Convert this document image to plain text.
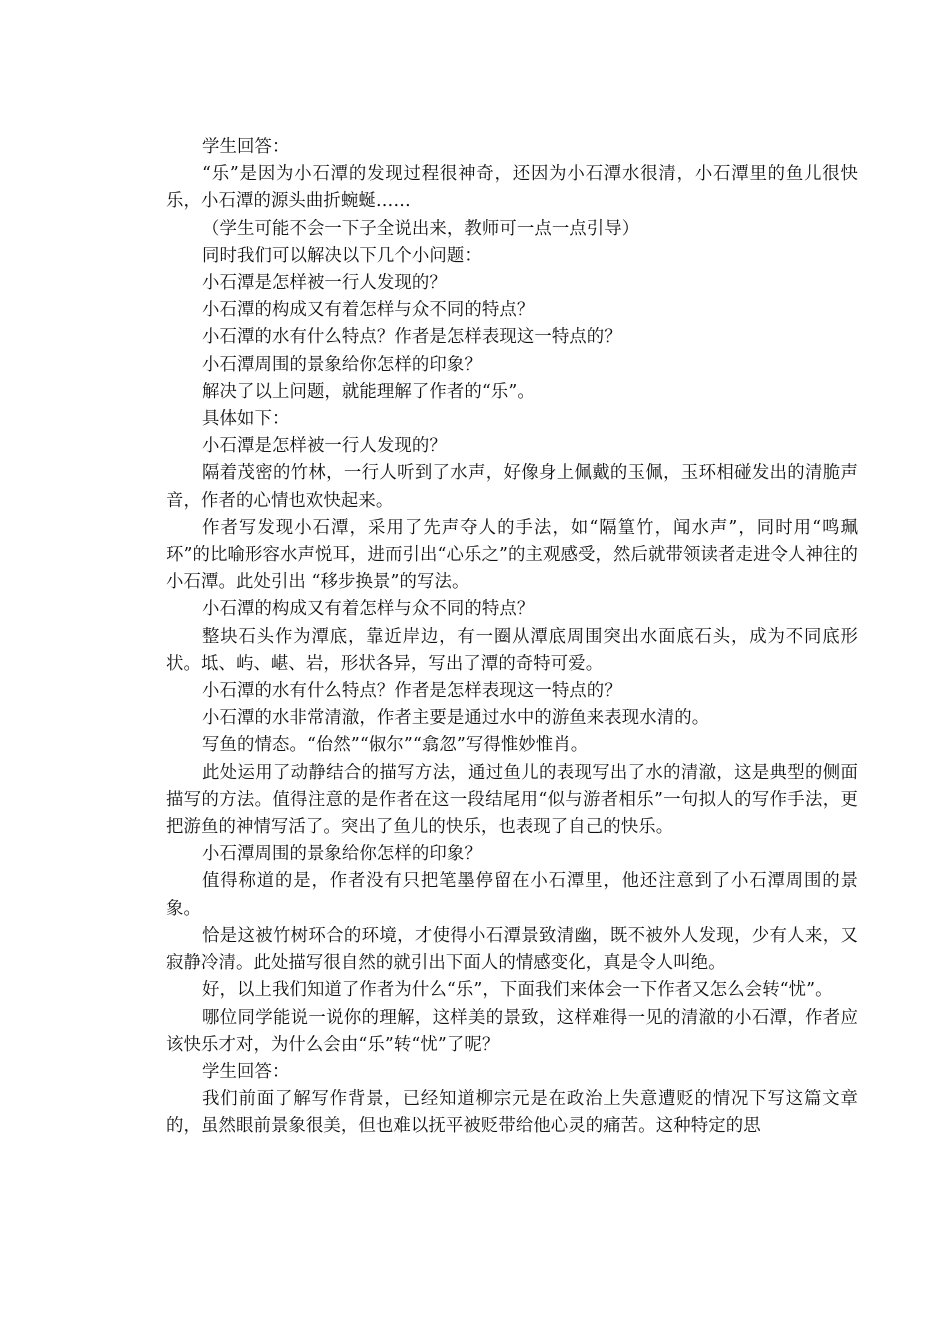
学生回答：

“乐”是因为小石潭的发现过程很神奇，还因为小石潭水很清，小石潭里的鱼儿很快乐，小石潭的源头曲折蜿蜒……

（学生可能不会一下子全说出来，教师可一点一点引导）

同时我们可以解决以下几个小问题：

小石潭是怎样被一行人发现的？

小石潭的构成又有着怎样与众不同的特点？

小石潭的水有什么特点？作者是怎样表现这一特点的？

小石潭周围的景象给你怎样的印象？

解决了以上问题，就能理解了作者的“乐”。

具体如下：

小石潭是怎样被一行人发现的？

隔着茂密的竹林，一行人听到了水声，好像身上佩戴的玉佩，玉环相碰发出的清脆声音，作者的心情也欢快起来。

作者写发现小石潭，采用了先声夺人的手法，如“隔篁竹，闻水声”，同时用“鸣珮环”的比喻形容水声悦耳，进而引出“心乐之”的主观感受，然后就带领读者走进令人神往的小石潭。此处引出 “移步换景”的写法。

小石潭的构成又有着怎样与众不同的特点？

整块石头作为潭底，靠近岸边，有一圈从潭底周围突出水面底石头，成为不同底形状。坻、屿、嵁、岩，形状各异，写出了潭的奇特可爱。

小石潭的水有什么特点？作者是怎样表现这一特点的？

小石潭的水非常清澈，作者主要是通过水中的游鱼来表现水清的。

写鱼的情态。“佁然”“俶尔”“翕忽”写得惟妙惟肖。

此处运用了动静结合的描写方法，通过鱼儿的表现写出了水的清澈，这是典型的侧面描写的方法。值得注意的是作者在这一段结尾用“似与游者相乐”一句拟人的写作手法，更把游鱼的神情写活了。突出了鱼儿的快乐，也表现了自己的快乐。

小石潭周围的景象给你怎样的印象？

值得称道的是，作者没有只把笔墨停留在小石潭里，他还注意到了小石潭周围的景象。

恰是这被竹树环合的环境，才使得小石潭景致清幽，既不被外人发现，少有人来，又寂静冷清。此处描写很自然的就引出下面人的情感变化，真是令人叫绝。

好，以上我们知道了作者为什么“乐”，下面我们来体会一下作者又怎么会转“忧”。

哪位同学能说一说你的理解，这样美的景致，这样难得一见的清澈的小石潭，作者应该快乐才对，为什么会由“乐”转“忧”了呢？

学生回答：

我们前面了解写作背景，已经知道柳宗元是在政治上失意遭贬的情况下写这篇文章的，虽然眼前景象很美，但也难以抚平被贬带给他心灵的痛苦。这种特定的思
